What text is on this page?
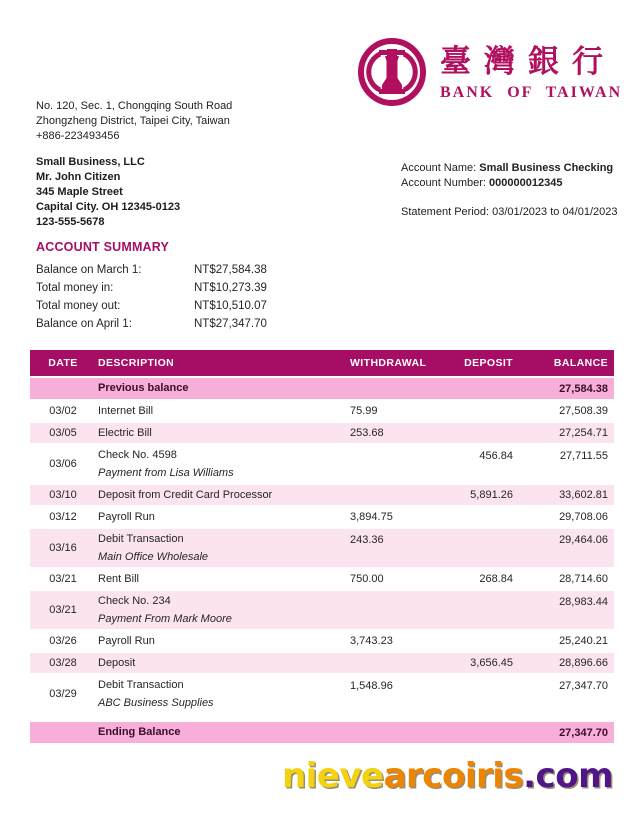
No. 120, Sec. 1, Chongqing South Road
Zhongzheng District, Taipei City, Taiwan
+886-223493456
臺灣銀行
BANK OF TAIWAN
Small Business, LLC
Mr. John Citizen
345 Maple Street
Capital City. OH 12345-0123
123-555-5678
Account Name: Small Business Checking
Account Number: 000000012345
Statement Period: 03/01/2023 to 04/01/2023
ACCOUNT SUMMARY
Balance on March 1:	NT$27,584.38
Total money in:	NT$10,273.39
Total money out:	NT$10,510.07
Balance on April 1:	NT$27,347.70
DATE	DESCRIPTION	WITHDRAWAL	DEPOSIT	BALANCE
	Previous balance			27,584.38
03/02	Internet Bill	75.99		27,508.39
03/05	Electric Bill	253.68		27,254.71
03/06	Check No. 4598
Payment from Lisa Williams		456.84	27,711.55
03/10	Deposit from Credit Card Processor		5,891.26	33,602.81
03/12	Payroll Run	3,894.75		29,708.06
03/16	Debit Transaction
Main Office Wholesale	243.36		29,464.06
03/21	Rent Bill	750.00	268.84	28,714.60
03/21	Check No. 234
Payment From Mark Moore			28,983.44
03/26	Payroll Run	3,743.23		25,240.21
03/28	Deposit		3,656.45	28,896.66
03/29	Debit Transaction
ABC Business Supplies	1,548.96		27,347.70

	Ending Balance			27,347.70
nievearcoiris.com
